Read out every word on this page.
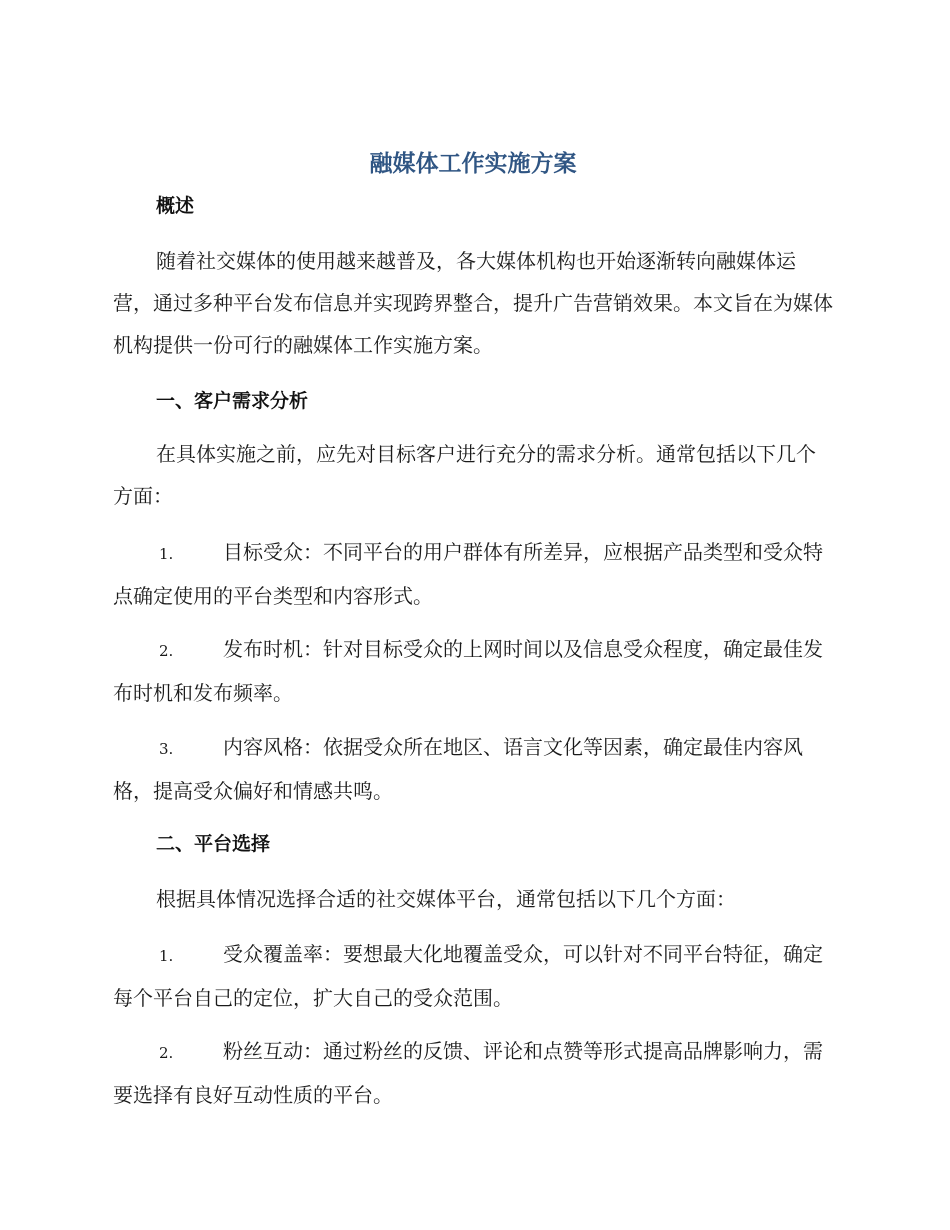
融媒体工作实施方案
概述
随着社交媒体的使用越来越普及，各大媒体机构也开始逐渐转向融媒体运营，通过多种平台发布信息并实现跨界整合，提升广告营销效果。本文旨在为媒体机构提供一份可行的融媒体工作实施方案。
一、客户需求分析
在具体实施之前，应先对目标客户进行充分的需求分析。通常包括以下几个方面：
1. 目标受众：不同平台的用户群体有所差异，应根据产品类型和受众特点确定使用的平台类型和内容形式。
2. 发布时机：针对目标受众的上网时间以及信息受众程度，确定最佳发布时机和发布频率。
3. 内容风格：依据受众所在地区、语言文化等因素，确定最佳内容风格，提高受众偏好和情感共鸣。
二、平台选择
根据具体情况选择合适的社交媒体平台，通常包括以下几个方面：
1. 受众覆盖率：要想最大化地覆盖受众，可以针对不同平台特征，确定每个平台自己的定位，扩大自己的受众范围。
2. 粉丝互动：通过粉丝的反馈、评论和点赞等形式提高品牌影响力，需要选择有良好互动性质的平台。
